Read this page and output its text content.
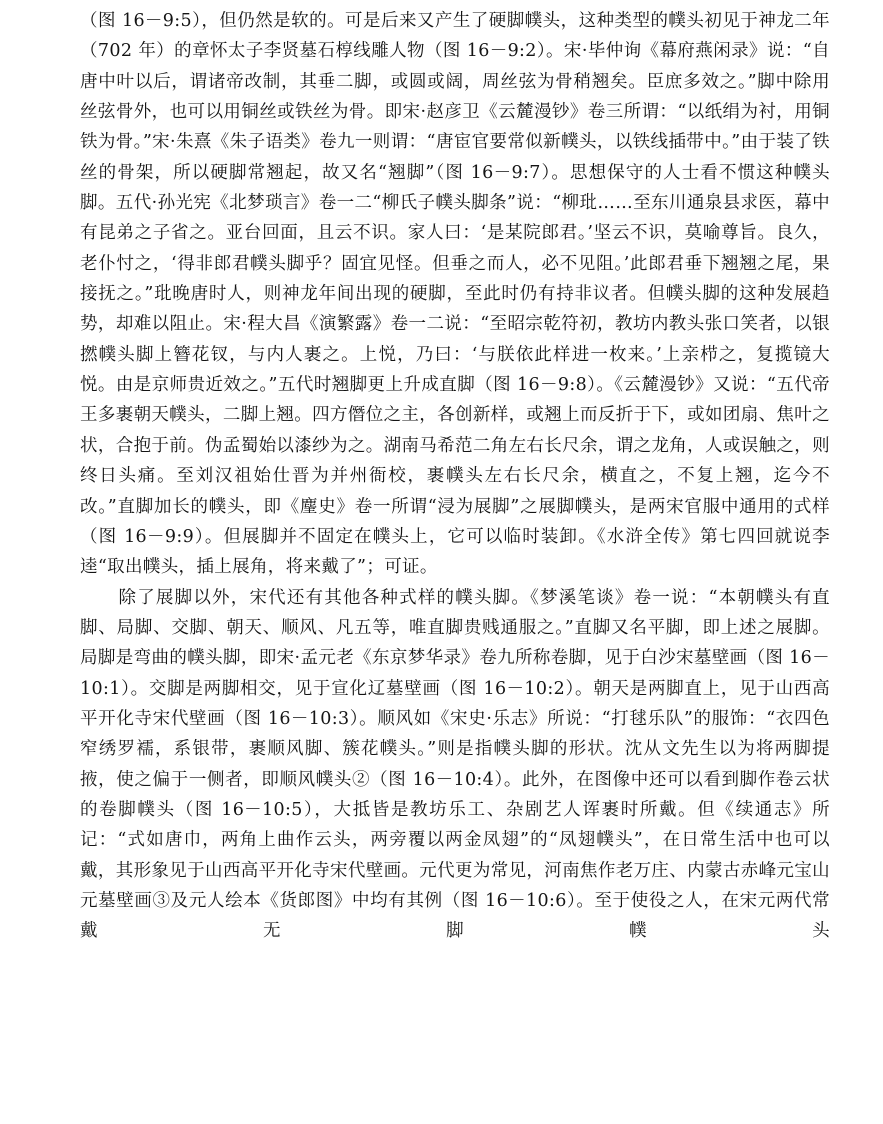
（图 16－9:5），但仍然是软的。可是后来又产生了硬脚幞头，这种类型的幞头初见于神龙二年（702 年）的章怀太子李贤墓石椁线雕人物（图 16－9:2）。宋·毕仲询《幕府燕闲录》说：“自唐中叶以后，谓诸帝改制，其垂二脚，或圆或阔，周丝弦为骨稍翘矣。臣庶多效之。”脚中除用丝弦骨外，也可以用铜丝或铁丝为骨。即宋·赵彦卫《云麓漫钞》卷三所谓：“以纸绢为衬，用铜铁为骨。”宋·朱熹《朱子语类》卷九一则谓：“唐宦官要常似新幞头，以铁线插带中。”由于装了铁丝的骨架，所以硬脚常翘起，故又名“翘脚”（图 16－9:7）。思想保守的人士看不惯这种幞头脚。五代·孙光宪《北梦琐言》卷一二“柳氏子幞头脚条”说：“柳玭……至东川通泉县求医，幕中有昆弟之子省之。亚台回面，且云不识。家人曰：‘是某院郎君。’坚云不识，莫喻尊旨。良久，老仆忖之，‘得非郎君幞头脚乎？固宜见怪。但垂之而人，必不见阻。’此郎君垂下翘翘之尾，果接抚之。”玭晚唐时人，则神龙年间出现的硬脚，至此时仍有持非议者。但幞头脚的这种发展趋势，却难以阻止。宋·程大昌《演繁露》卷一二说：“至昭宗乾符初，教坊内教头张口笑者，以银撚幞头脚上簪花钗，与内人裹之。上悦，乃曰：‘与朕依此样进一枚来。’上亲栉之，复揽镜大悦。由是京师贵近效之。”五代时翘脚更上升成直脚（图 16－9:8）。《云麓漫钞》又说：“五代帝王多裹朝天幞头，二脚上翘。四方僭位之主，各创新样，或翘上而反折于下，或如团扇、焦叶之状，合抱于前。伪孟蜀始以漆纱为之。湖南马希范二角左右长尺余，谓之龙角，人或误触之，则终日头痛。至刘汉祖始仕晋为并州衙校，裹幞头左右长尺余，横直之，不复上翘，迄今不改。”直脚加长的幞头，即《麈史》卷一所谓“浸为展脚”之展脚幞头，是两宋官服中通用的式样（图 16－9:9）。但展脚并不固定在幞头上，它可以临时装卸。《水浒全传》第七四回就说李逵“取出幞头，插上展角，将来戴了”；可证。

除了展脚以外，宋代还有其他各种式样的幞头脚。《梦溪笔谈》卷一说：“本朝幞头有直脚、局脚、交脚、朝天、顺风、凡五等，唯直脚贵贱通服之。”直脚又名平脚，即上述之展脚。局脚是弯曲的幞头脚，即宋·孟元老《东京梦华录》卷九所称卷脚，见于白沙宋墓壁画（图 16－10:1）。交脚是两脚相交，见于宣化辽墓壁画（图 16－10:2）。朝天是两脚直上，见于山西高平开化寺宋代壁画（图 16－10:3）。顺风如《宋史·乐志》所说：“打毬乐队”的服饰：“衣四色窄绣罗襦，系银带，裹顺风脚、簇花幞头。”则是指幞头脚的形状。沈从文先生以为将两脚提掖，使之偏于一侧者，即顺风幞头②（图 16－10:4）。此外，在图像中还可以看到脚作卷云状的卷脚幞头（图 16－10:5），大抵皆是教坊乐工、杂剧艺人诨裹时所戴。但《续通志》所记：“式如唐巾，两角上曲作云头，两旁覆以两金凤翅”的“凤翅幞头”，在日常生活中也可以戴，其形象见于山西高平开化寺宋代壁画。元代更为常见，河南焦作老万庄、内蒙古赤峰元宝山元墓壁画③及元人绘本《货郎图》中均有其例（图 16－10:6）。至于使役之人，在宋元两代常戴无脚幞头
